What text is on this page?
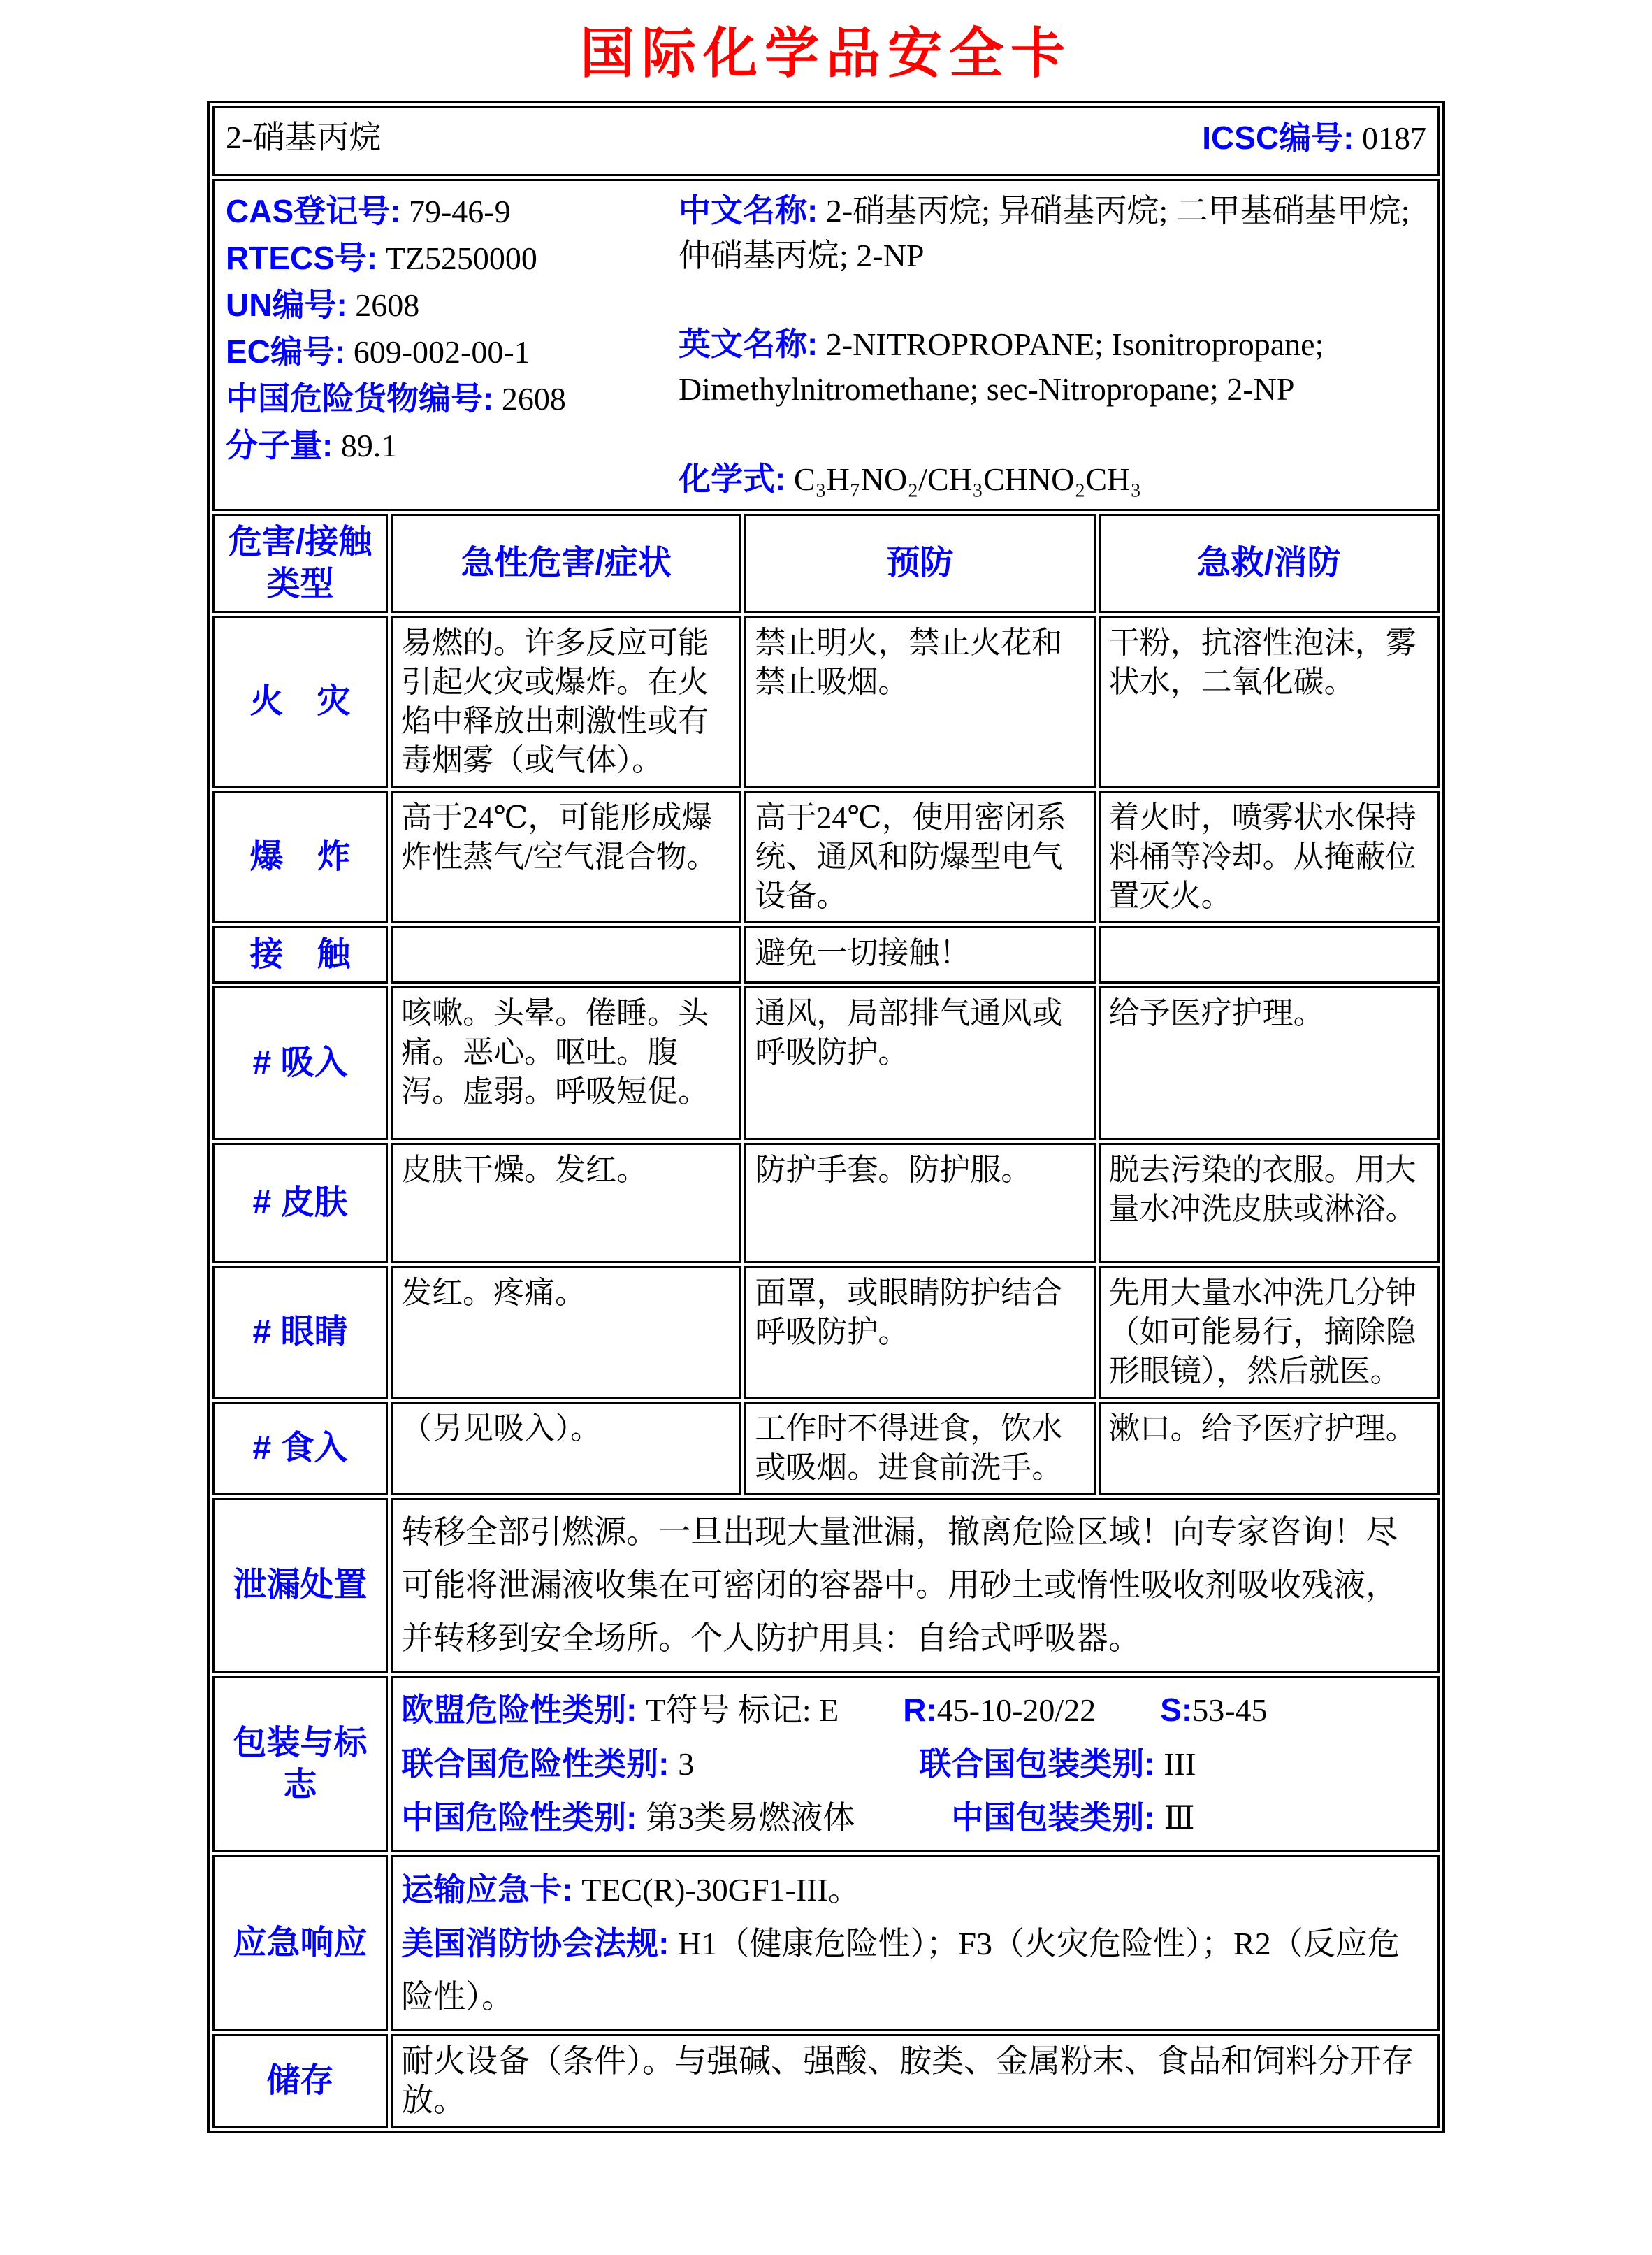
国际化学品安全卡
2-硝基丙烷 ICSC编号: 0187			

CAS登记号: 79-46-9
RTECS号: TZ5250000
UN编号: 2608
EC编号: 609-002-00-1
中国危险货物编号: 2608
分子量: 89.1

中文名称: 2-硝基丙烷; 异硝基丙烷; 二甲基硝基甲烷; 仲硝基丙烷; 2-NP

英文名称: 2-NITROPROPANE; Isonitropropane; Dimethylnitromethane; sec-Nitropropane; 2-NP

化学式: C₃H₇NO₂/CH₃CHNO₂CH₃

危害/接触
类型	急性危害/症状	预防	急救/消防
火　灾	易燃的。许多反应可能引起火灾或爆炸。在火焰中释放出刺激性或有毒烟雾（或气体）。	禁止明火，禁止火花和禁止吸烟。	干粉，抗溶性泡沫，雾状水，二氧化碳。
爆　炸	高于24℃，可能形成爆炸性蒸气/空气混合物。	高于24℃，使用密闭系统、通风和防爆型电气设备。	着火时，喷雾状水保持料桶等冷却。从掩蔽位置灭火。
接　触		避免一切接触！	
# 吸入	咳嗽。头晕。倦睡。头痛。恶心。呕吐。腹泻。虚弱。呼吸短促。	通风，局部排气通风或呼吸防护。	给予医疗护理。
# 皮肤	皮肤干燥。发红。	防护手套。防护服。	脱去污染的衣服。用大量水冲洗皮肤或淋浴。
# 眼睛	发红。疼痛。	面罩，或眼睛防护结合呼吸防护。	先用大量水冲洗几分钟（如可能易行，摘除隐形眼镜），然后就医。
# 食入	（另见吸入）。	工作时不得进食，饮水或吸烟。进食前洗手。	漱口。给予医疗护理。
泄漏处置	转移全部引燃源。一旦出现大量泄漏，撤离危险区域！向专家咨询！尽可能将泄漏液收集在可密闭的容器中。用砂土或惰性吸收剂吸收残液，并转移到安全场所。个人防护用具：自给式呼吸器。		
包装与标志	欧盟危险性类别: T符号 标记: E　　 R:45-10-20/22　　 S:53-45
联合国危险性类别: 3　　　　　　　 联合国包装类别: III
中国危险性类别: 第3类易燃液体　　　 中国包装类别: Ⅲ		

应急响应	运输应急卡: TEC(R)-30GF1-III。
美国消防协会法规: H1（健康危险性）；F3（火灾危险性）；R2（反应危险性）。		

储存	耐火设备（条件）。与强碱、强酸、胺类、金属粉末、食品和饲料分开存放。		
